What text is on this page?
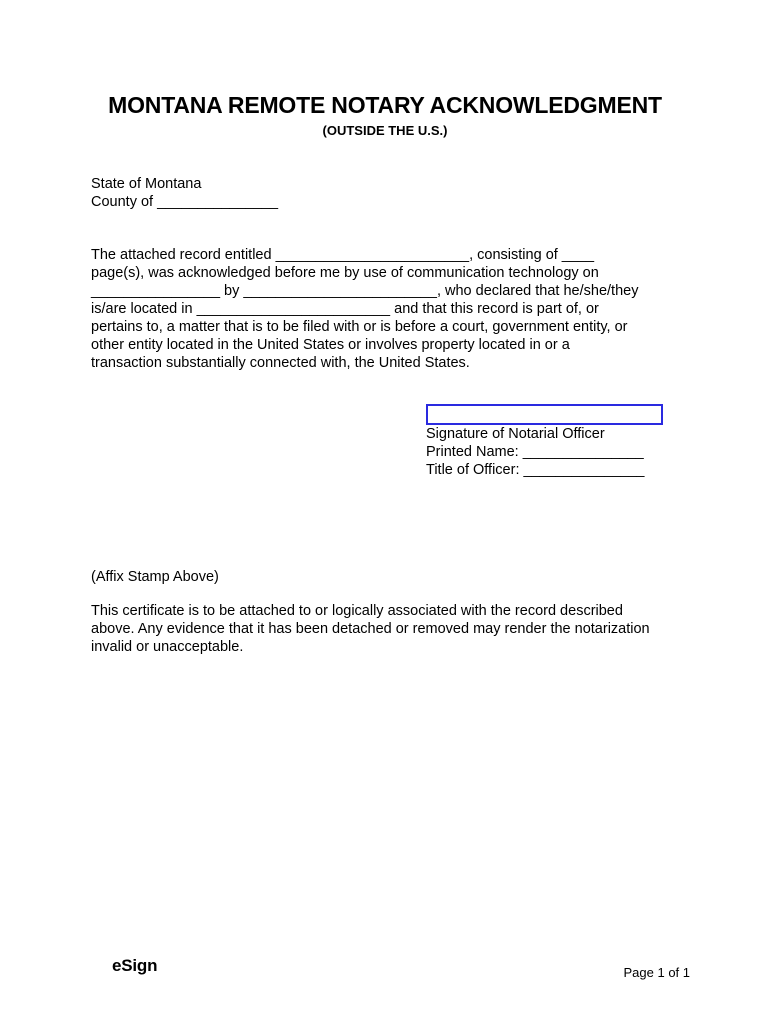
MONTANA REMOTE NOTARY ACKNOWLEDGMENT
(OUTSIDE THE U.S.)
State of Montana
County of _______________
The attached record entitled ________________________, consisting of ____
page(s), was acknowledged before me by use of communication technology on
________________ by ________________________, who declared that he/she/they
is/are located in ________________________ and that this record is part of, or
pertains to, a matter that is to be filed with or is before a court, government entity, or
other entity located in the United States or involves property located in or a
transaction substantially connected with, the United States.
Signature of Notarial Officer
Printed Name: _______________
Title of Officer: _______________
(Affix Stamp Above)
This certificate is to be attached to or logically associated with the record described
above. Any evidence that it has been detached or removed may render the notarization
invalid or unacceptable.
eSign	Page 1 of 1
